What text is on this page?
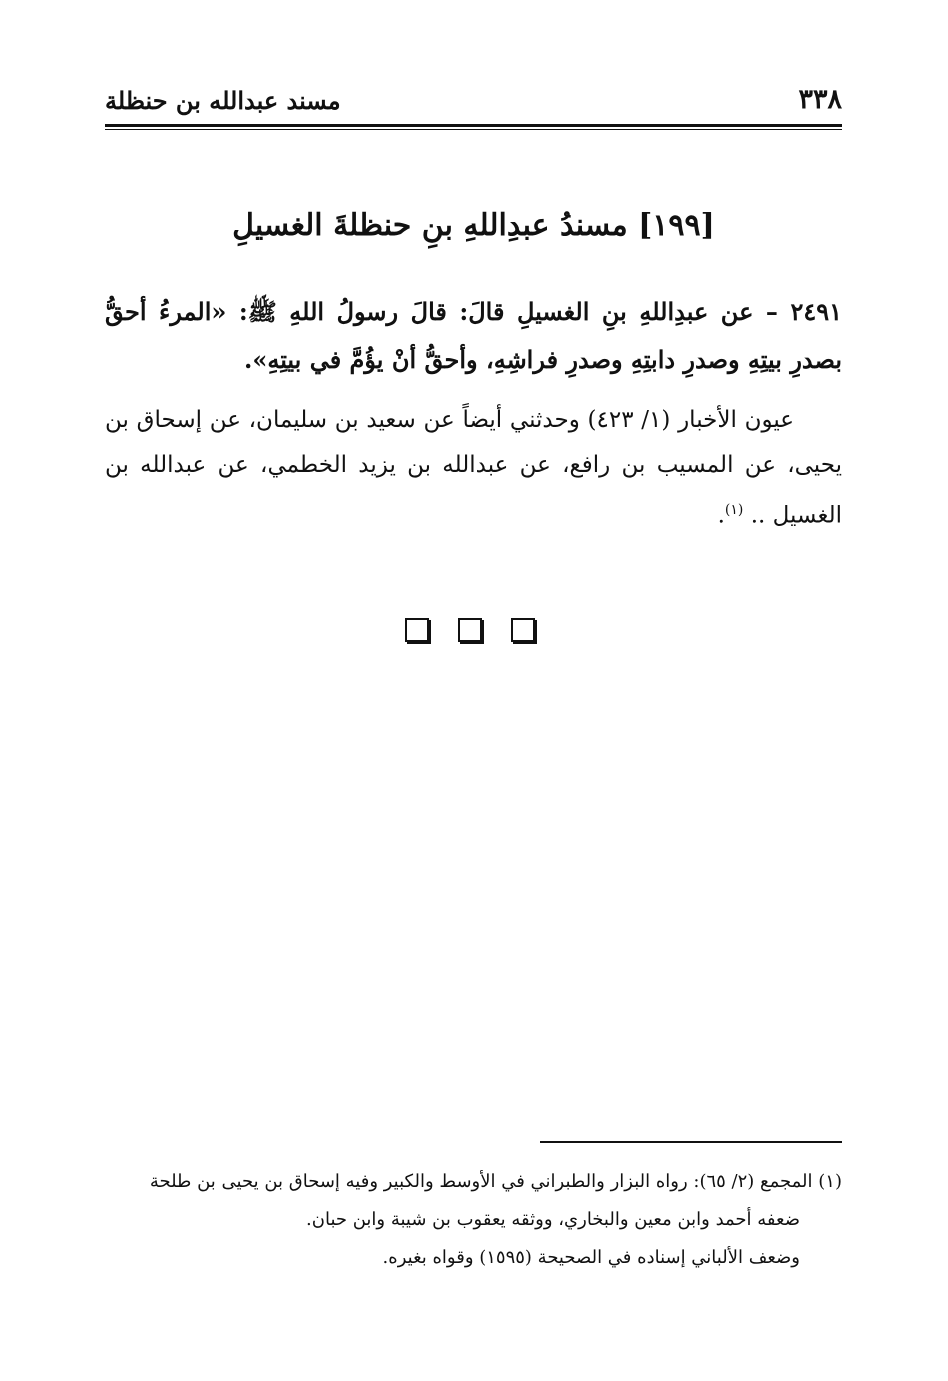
٣٣٨
مسند عبدالله بن حنظلة
[١٩٩] مسندُ عبدِاللهِ بنِ حنظلةَ الغسيلِ
٢٤٩١ – عن عبدِاللهِ بنِ الغسيلِ قالَ: قالَ رسولُ اللهِ ﷺ: «المرءُ أحقُّ بصدرِ بيتِهِ وصدرِ دابتِهِ وصدرِ فراشِهِ، وأحقُّ أنْ يؤُمَّ في بيتِهِ».
عيون الأخبار (١/ ٤٢٣) وحدثني أيضاً عن سعيد بن سليمان، عن إسحاق بن يحيى، عن المسيب بن رافع، عن عبدالله بن يزيد الخطمي، عن عبدالله بن الغسيل .. $^{(١)}$.
(١) المجمع (٢/ ٦٥): رواه البزار والطبراني في الأوسط والكبير وفيه إسحاق بن يحيى بن طلحة
ضعفه أحمد وابن معين والبخاري، ووثقه يعقوب بن شيبة وابن حبان.
وضعف الألباني إسناده في الصحيحة (١٥٩٥) وقواه بغيره.
